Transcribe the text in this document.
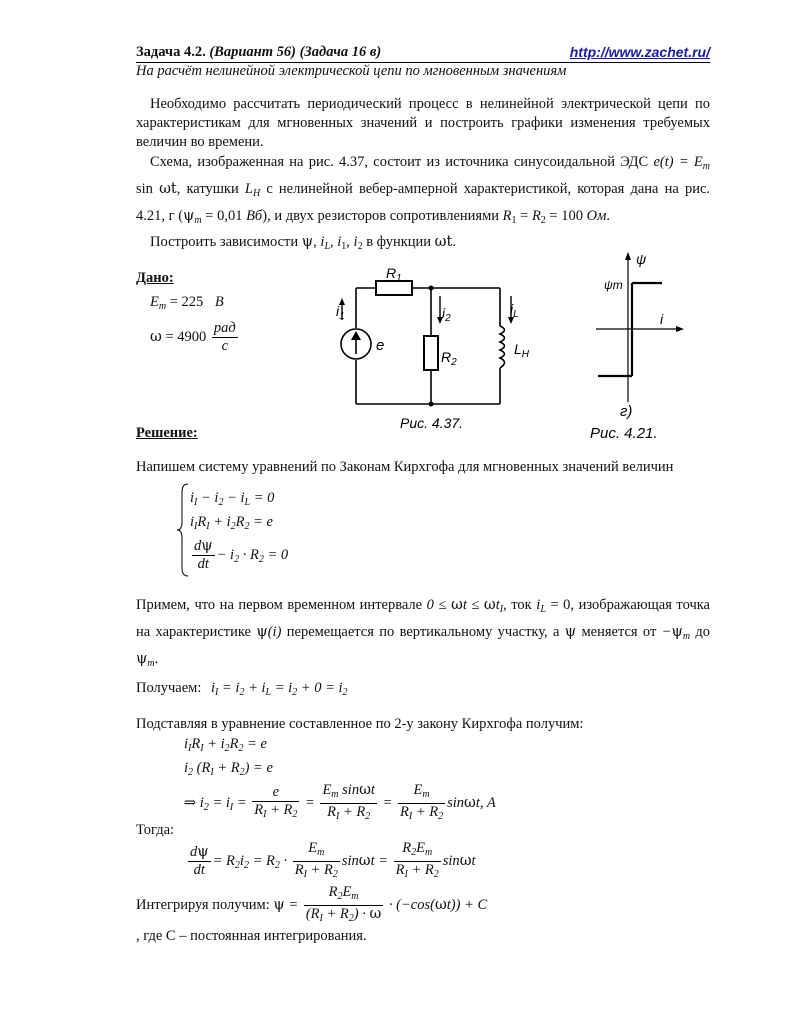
Задача 4.2. (Вариант 56) (Задача 16 в)	http://www.zachet.ru/
На расчёт нелинейной электрической цепи по мгновенным значениям
Необходимо рассчитать периодический процесс в нелинейной электрической цепи по характеристикам для мгновенных значений и построить графики изменения требуемых величин во времени.
Схема, изображенная на рис. 4.37, состоит из источника синусоидальной ЭДС $e(t) = E_m$ sin ωt, катушки $L_H$ с нелинейной вебер-амперной характеристикой, которая дана на рис. 4.21, г ($\psi_m = 0,01$ Вб), и двух резисторов сопротивлениями $R_1 = R_2 = 100$ Ом.
Построить зависимости ψ, $i_L$, $i_1$, $i_2$ в функции ωt.
Дано:
$E_m = 225$ В
$\omega = 4900 \frac{\text{рад}}{с}$
$R_1$
$R_2$
$L_H$
e
$i_1$	$i_2$
$i_L$
Рис. 4.37.
ψ
ψm
i
г)
Рис. 4.21.
Решение:
Напишем систему уравнений по Законам Кирхгофа для мгновенных значений величин
$i_I - i_2 - i_L = 0$
$i_IR_I + i_2R_2 = e$
$\frac{d\psi}{dt} - i_2 \cdot R_2 = 0$
Примем, что на первом временном интервале $0 \le \omega t \le \omega t_I$, ток $i_L = 0$, изображающая точка на характеристике ψ(i) перемещается по вертикальному участку, а ψ меняется от $-\psi_m$ до $\psi_m$.
Получаем: $i_I = i_2 + i_L = i_2 + 0 = i_2$
Подставляя в уравнение составленное по 2-у закону Кирхгофа получим:
$i_IR_I + i_2R_2 = e$
$i_2$ $(R_I + R_2) = e$
⇒ $i_2 = i_I = \frac{e}{R_I + R_2} = \frac{E_m \sin\omega t}{R_I + R_2} = \frac{E_m}{R_I + R_2} \sin\omega t$, A
Тогда:
$\frac{d\psi}{dt} = R_2i_2 = R_2 \cdot \frac{E_m}{R_I + R_2}$ $\sin\omega t = \frac{R_2E_m}{R_I + R_2}$ sinωt
Интегрируя получим: $\psi = \frac{R_2E_m}{(R_I + R_2) \cdot \omega} \cdot (-\cos(\omega t)) + C$
, где С – постоянная интегрирования.
